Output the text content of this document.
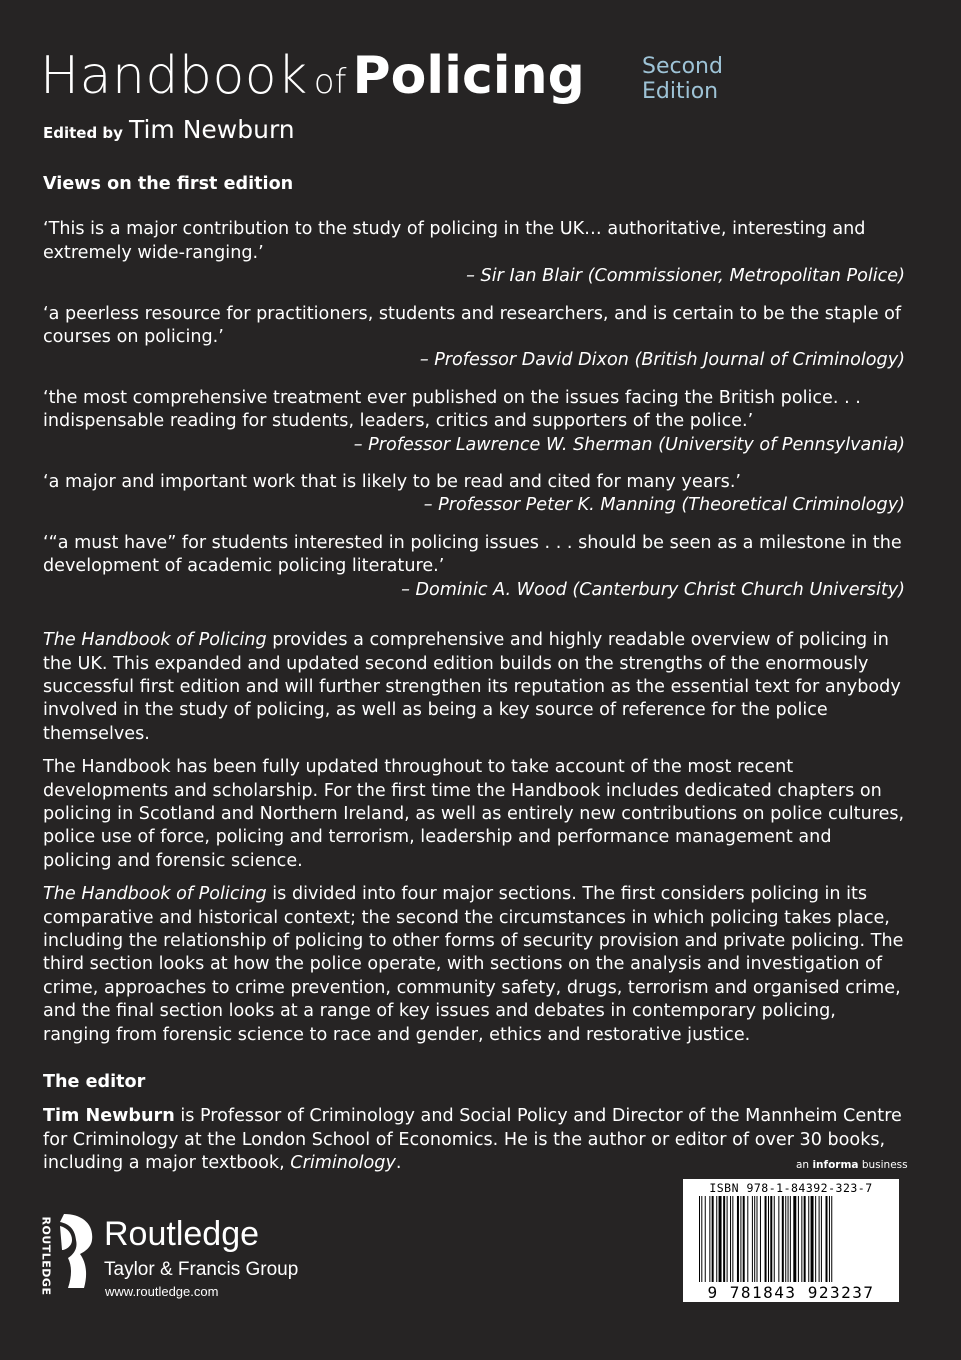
Handbook of Policing	Second
Edition
Edited by Tim Newburn

Views on the first edition

‘This is a major contribution to the study of policing in the UK… authoritative, interesting and extremely wide-ranging.’
– Sir Ian Blair (Commissioner, Metropolitan Police)
‘a peerless resource for practitioners, students and researchers, and is certain to be the staple of courses on policing.’
– Professor David Dixon (British Journal of Criminology)
‘the most comprehensive treatment ever published on the issues facing the British police. . . indispensable reading for students, leaders, critics and supporters of the police.’
– Professor Lawrence W. Sherman (University of Pennsylvania)
‘a major and important work that is likely to be read and cited for many years.’
– Professor Peter K. Manning (Theoretical Criminology)
‘“a must have” for students interested in policing issues . . . should be seen as a milestone in the development of academic policing literature.’
– Dominic A. Wood (Canterbury Christ Church University)

The Handbook of Policing provides a comprehensive and highly readable overview of policing in the UK. This expanded and updated second edition builds on the strengths of the enormously successful first edition and will further strengthen its reputation as the essential text for anybody involved in the study of policing, as well as being a key source of reference for the police themselves.

The Handbook has been fully updated throughout to take account of the most recent developments and scholarship. For the first time the Handbook includes dedicated chapters on policing in Scotland and Northern Ireland, as well as entirely new contributions on police cultures, police use of force, policing and terrorism, leadership and performance management and policing and forensic science.

The Handbook of Policing is divided into four major sections. The first considers policing in its comparative and historical context; the second the circumstances in which policing takes place, including the relationship of policing to other forms of security provision and private policing. The third section looks at how the police operate, with sections on the analysis and investigation of crime, approaches to crime prevention, community safety, drugs, terrorism and organised crime, and the final section looks at a range of key issues and debates in contemporary policing, ranging from forensic science to race and gender, ethics and restorative justice.

The editor

Tim Newburn is Professor of Criminology and Social Policy and Director of the Mannheim Centre for Criminology at the London School of Economics. He is the author or editor of over 30 books, including a major textbook, Criminology.	an informa business
ISBN 978-1-84392-323-7
9 781843 923237
ROUTLEDGE Routledge
Taylor & Francis Group
www.routledge.com
